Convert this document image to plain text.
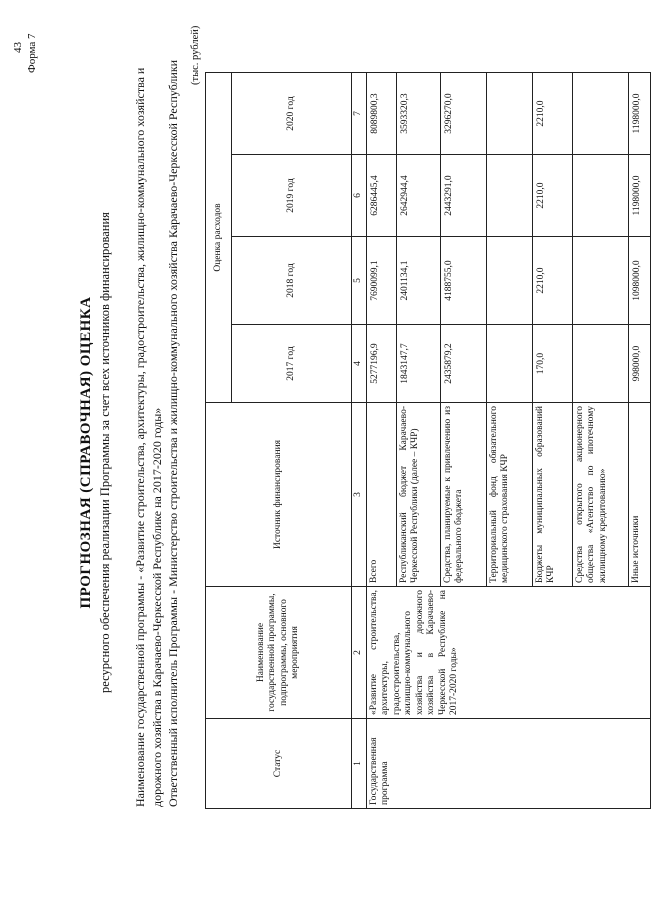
43 Форма 7
ПРОГНОЗНАЯ (СПРАВОЧНАЯ) ОЦЕНКА ресурсного обеспечения реализации Программы за счет всех источников финансирования Наименование государственной программы - «Развитие строительства, архитектуры, градостроительства, жилищно-коммунального хозяйства и дорожного хозяйства в Карачаево-Черкесской Республике на 2017-2020 годы» Ответственный исполнитель Программы - Министерство строительства и жилищно-коммунального хозяйства Карачаево-Черкесской Республики
(тыс. рублей)
Статус	Наименование государственной программы, подпрограммы, основного мероприятия	Источник финансирования	Оценка расходов			
			2017 год	2018 год	2019 год	2020 год
1	2	3	4	5	6	7
Государственная программа	«Развитие строительства, архитектуры, градостроительства, жилищно-коммунального хозяйства и дорожного хозяйства в Карачаево-Черкесской Республике на 2017-2020 годы»	Всего	5277196,9	7690099,1	6286445,4	8089800,3
		Республиканский бюджет Карачаево-Черкесской Республики (далее – КЧР)	1843147,7	2401134,1	2642944,4	3593320,3
		Средства, планируемые к привлечению из федерального бюджета	2435879,2	4188755,0	2443291,0	3296270,0
		Территориальный фонд обязательного медицинского страхования КЧР				
		Бюджеты муниципальных образований КЧР	170,0	2210,0	2210,0	2210,0
		Средства открытого акционерного общества «Агентство по ипотечному жилищному кредитованию»				
		Иные источники	998000,0	1098000,0	1198000,0	1198000,0
